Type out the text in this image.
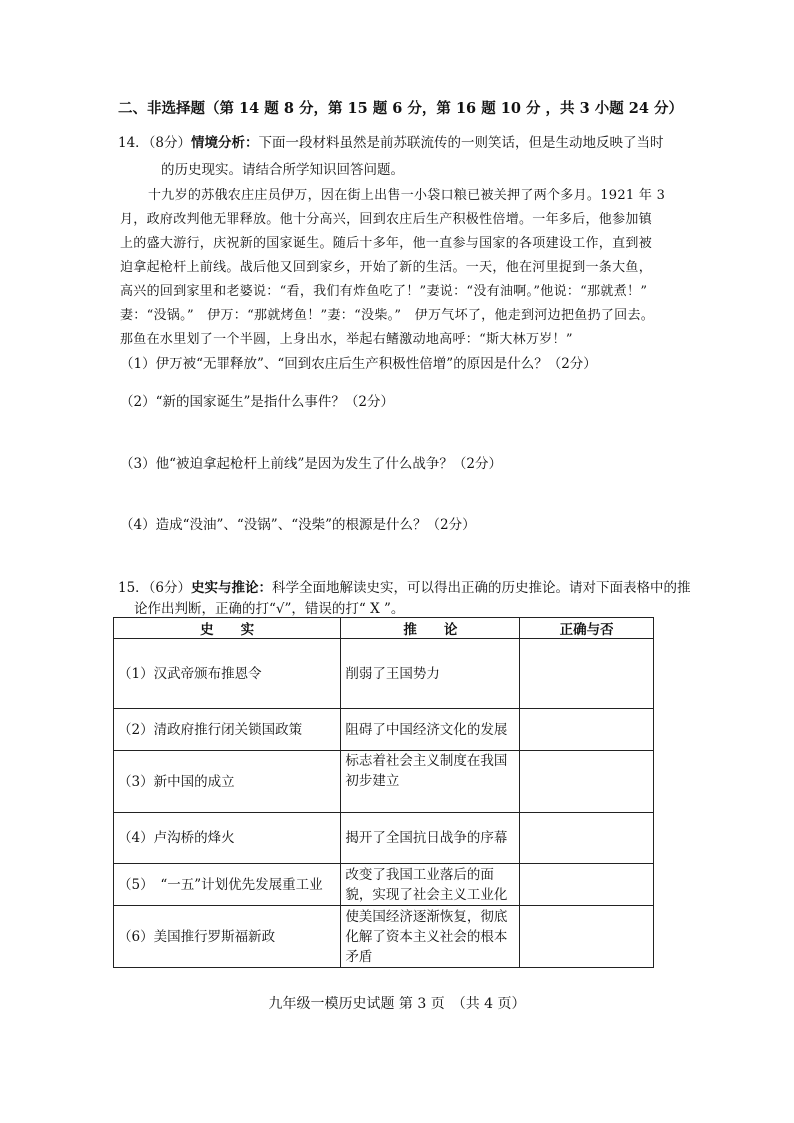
二、非选择题（第 14 题 8 分，第 15 题 6 分，第 16 题 10 分 ，共 3 小题 24 分）
14．（8分）情境分析：下面一段材料虽然是前苏联流传的一则笑话，但是生动地反映了当时
的历史现实。请结合所学知识回答问题。
十九岁的苏俄农庄庄员伊万，因在街上出售一小袋口粮已被关押了两个多月。1921 年 3
月，政府改判他无罪释放。他十分高兴，回到农庄后生产积极性倍增。一年多后，他参加镇
上的盛大游行，庆祝新的国家诞生。随后十多年，他一直参与国家的各项建设工作，直到被
迫拿起枪杆上前线。战后他又回到家乡，开始了新的生活。一天，他在河里捉到一条大鱼，
高兴的回到家里和老婆说：“看，我们有炸鱼吃了！”妻说：“没有油啊。”他说：“那就煮！”
妻：“没锅。”　伊万：“那就烤鱼！”妻：“没柴。”　伊万气坏了，他走到河边把鱼扔了回去。
那鱼在水里划了一个半圆，上身出水，举起右鳍激动地高呼：“斯大林万岁！”
（1）伊万被“无罪释放”、“回到农庄后生产积极性倍增”的原因是什么？（2分）
（2）“新的国家诞生”是指什么事件？（2分）
（3）他“被迫拿起枪杆上前线”是因为发生了什么战争？（2分）
（4）造成“没油”、“没锅”、“没柴”的根源是什么？（2分）
15．（6分）史实与推论：科学全面地解读史实，可以得出正确的历史推论。请对下面表格中的推
论作出判断，正确的打“√”，错误的打“ X ”。
史　　实	推　　论	正确与否
（1）汉武帝颁布推恩令	削弱了王国势力	
（2）清政府推行闭关锁国政策	阻碍了中国经济文化的发展	
（3）新中国的成立	标志着社会主义制度在我国初步建立	
（4）卢沟桥的烽火	揭开了全国抗日战争的序幕	
（5）　“一五”计划优先发展重工业	改变了我国工业落后的面貌，实现了社会主义工业化	
（6）美国推行罗斯福新政	使美国经济逐渐恢复，彻底化解了资本主义社会的根本矛盾	
九年级一模历史试题 第 3 页　（共 4 页）
